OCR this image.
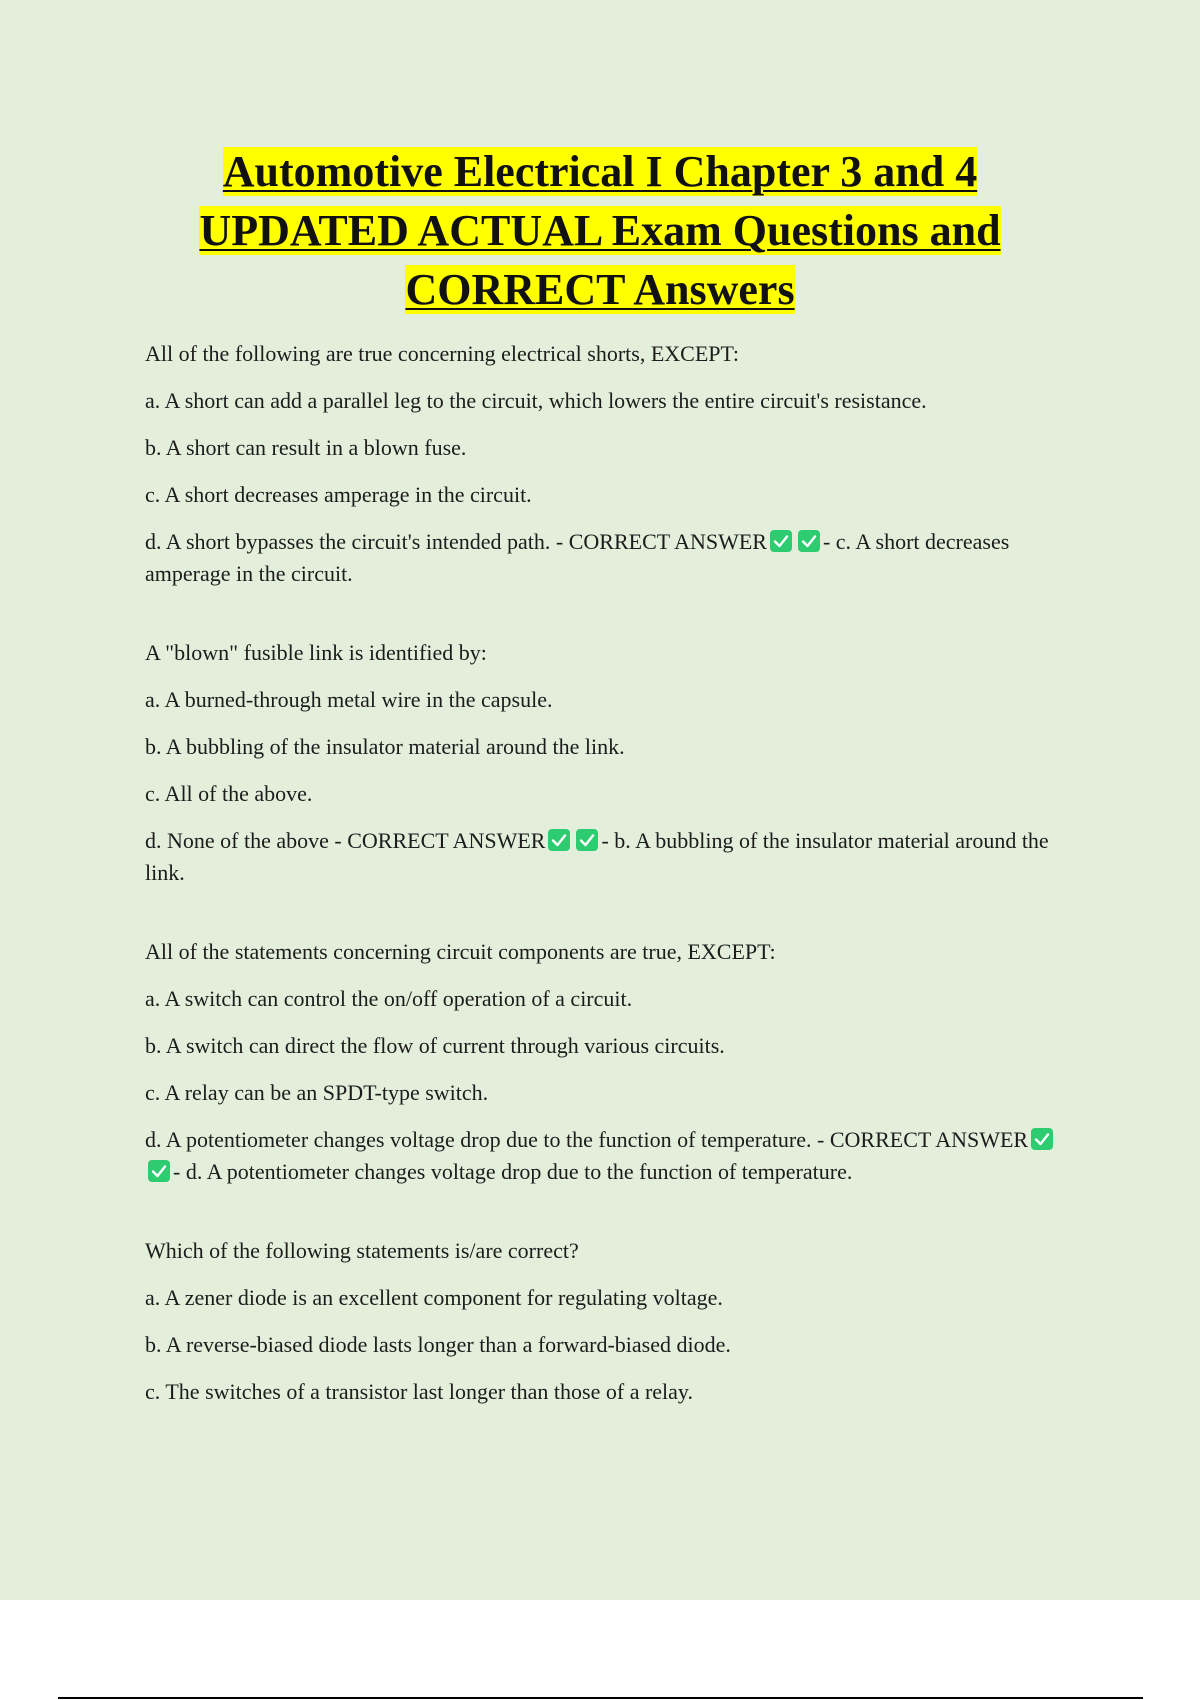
Automotive Electrical I Chapter 3 and 4
UPDATED ACTUAL Exam Questions and
CORRECT Answers

All of the following are true concerning electrical shorts, EXCEPT:

a. A short can add a parallel leg to the circuit, which lowers the entire circuit's resistance.

b. A short can result in a blown fuse.

c. A short decreases amperage in the circuit.

d. A short bypasses the circuit's intended path. - CORRECT ANSWER	- c. A short decreases amperage in the circuit.

A "blown" fusible link is identified by:

a. A burned-through metal wire in the capsule.

b. A bubbling of the insulator material around the link.

c. All of the above.

d. None of the above - CORRECT ANSWER	- b. A bubbling of the insulator material around the link.

All of the statements concerning circuit components are true, EXCEPT:

a. A switch can control the on/off operation of a circuit.

b. A switch can direct the flow of current through various circuits.

c. A relay can be an SPDT-type switch.

d. A potentiometer changes voltage drop due to the function of temperature. - CORRECT ANSWER
- d. A potentiometer changes voltage drop due to the function of temperature.

Which of the following statements is/are correct?

a. A zener diode is an excellent component for regulating voltage.

b. A reverse-biased diode lasts longer than a forward-biased diode.

c. The switches of a transistor last longer than those of a relay.
